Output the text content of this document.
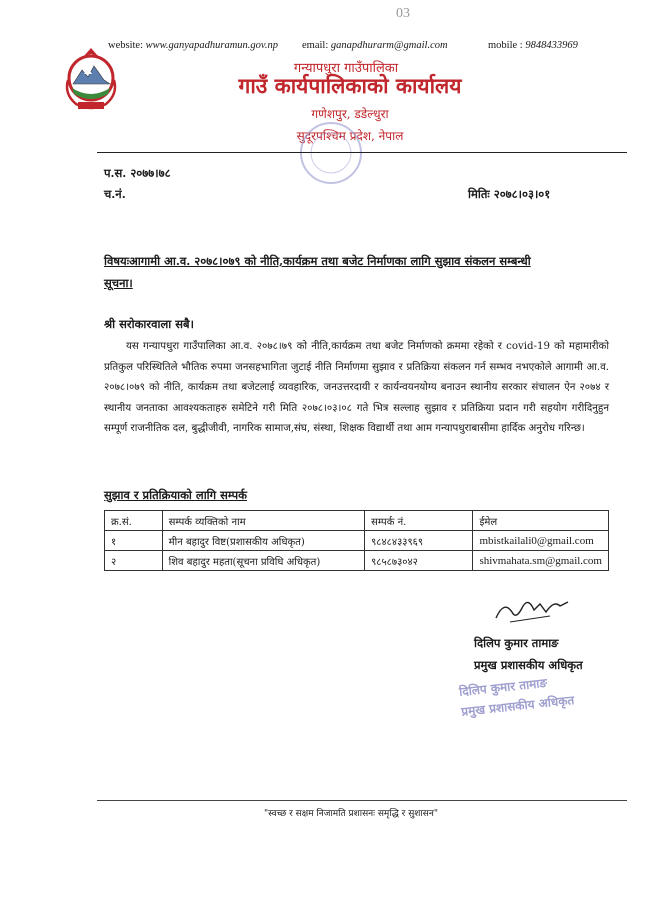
website: www.ganyapadhuramun.gov.np email: ganapdhurarm@gmail.com	mobile : 9848433969
03
गन्यापधुरा गाउँपालिका
गाउँ कार्यपालिकाको कार्यालय
गणेशपुर, डडेल्धुरा
सुदूरपश्चिम प्रदेश, नेपाल
प.स. २०७७।७८
च.नं.	मितिः २०७८।०३।०१
विषयःआगामी आ.व. २०७८।०७९ को नीति,कार्यक्रम तथा बजेट निर्माणका लागि सुझाव संकलन सम्बन्धी
सूचना।
श्री सरोकारवाला सबै।
यस गन्यापधुरा गाउँपालिका आ.व. २०७८।७९ को नीति,कार्यक्रम तथा बजेट निर्माणको क्रममा रहेको र covid-19 को महामारीको प्रतिकुल परिस्थितिले भौतिक रुपमा जनसहभागिता जुटाई नीति निर्माणमा सुझाव र प्रतिक्रिया संकलन गर्न सम्भव नभएकोले आगामी आ.व. २०७८।०७९ को नीति, कार्यक्रम तथा बजेटलाई व्यवहारिक, जनउत्तरदायी र कार्यन्वयनयोग्य बनाउन स्थानीय सरकार संचालन ऐन २०७४ र स्थानीय जनताका आवश्यकताहरु समेटिने गरी मिति २०७८।०३।०८ गते भित्र सल्लाह सुझाव र प्रतिक्रिया प्रदान गरी सहयोग गरीदिनुहुन सम्पूर्ण राजनीतिक दल, बुद्धीजीवी, नागरिक सामाज,संघ, संस्था, शिक्षक विद्यार्थी तथा आम गन्यापधुराबासीमा हार्दिक अनुरोध गरिन्छ।
सुझाव र प्रतिक्रियाको लागि सम्पर्क
क्र.सं.	सम्पर्क व्यक्तिको नाम	सम्पर्क नं.	ईमेल
१	मीन बहादुर विष्ट(प्रशासकीय अधिकृत)	९८४८४३३९६९	mbistkailali0@gmail.com
२	शिव बहादुर महता(सूचना प्रविधि अधिकृत)	९८५८७३०४२	shivmahata.sm@gmail.com
दिलिप कुमार तामाङ
प्रमुख प्रशासकीय अधिकृत
दिलिप कुमार तामाङ
प्रमुख प्रशासकीय अधिकृत
"स्वच्छ र सक्षम निजामति प्रशासनः समृद्धि र सुशासन"
